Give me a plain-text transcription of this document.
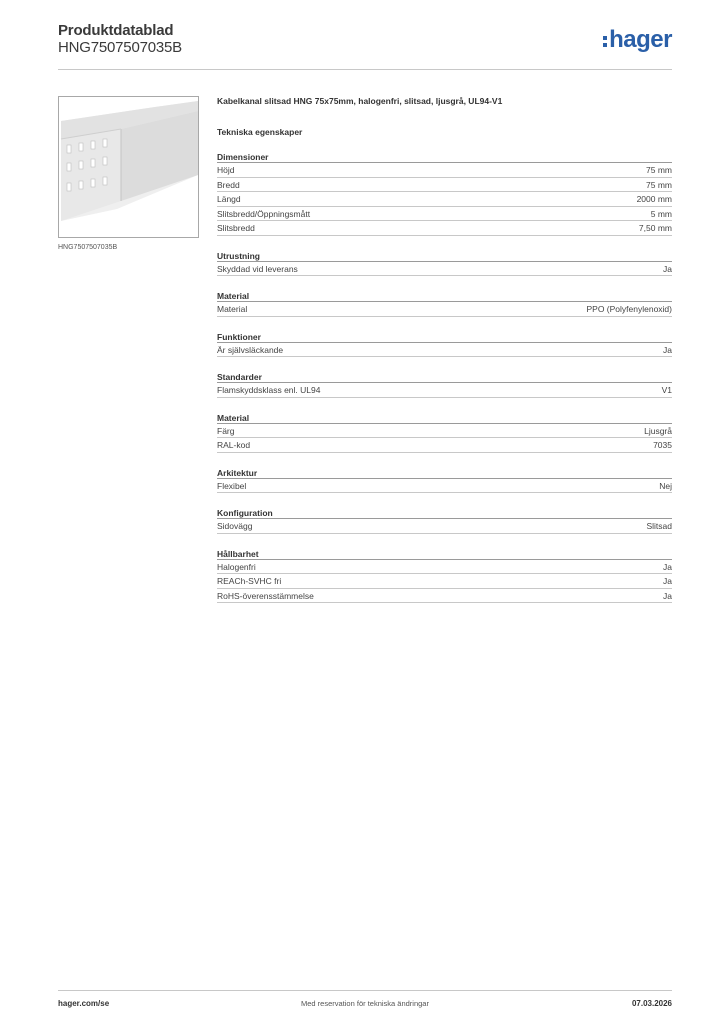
Produktdatablad
HNG7507507035B	hager
HNG7507507035B
Kabelkanal slitsad HNG 75x75mm, halogenfri, slitsad, ljusgrå, UL94-V1
Tekniska egenskaper
Dimensioner
Höjd	75 mm
Bredd	75 mm
Längd	2000 mm
Slitsbredd/Öppningsmått	5 mm
Slitsbredd	7,50 mm
Utrustning
Skyddad vid leverans	Ja
Material
Material	PPO (Polyfenylenoxid)
Funktioner
Är självsläckande	Ja
Standarder
Flamskyddsklass enl. UL94	V1
Material
Färg	Ljusgrå
RAL-kod	7035
Arkitektur
Flexibel	Nej
Konfiguration
Sidovägg	Slitsad
Hållbarhet
Halogenfri	Ja
REACh-SVHC fri	Ja
RoHS-överensstämmelse	Ja
hager.com/se	Med reservation för tekniska ändringar	07.03.2026
